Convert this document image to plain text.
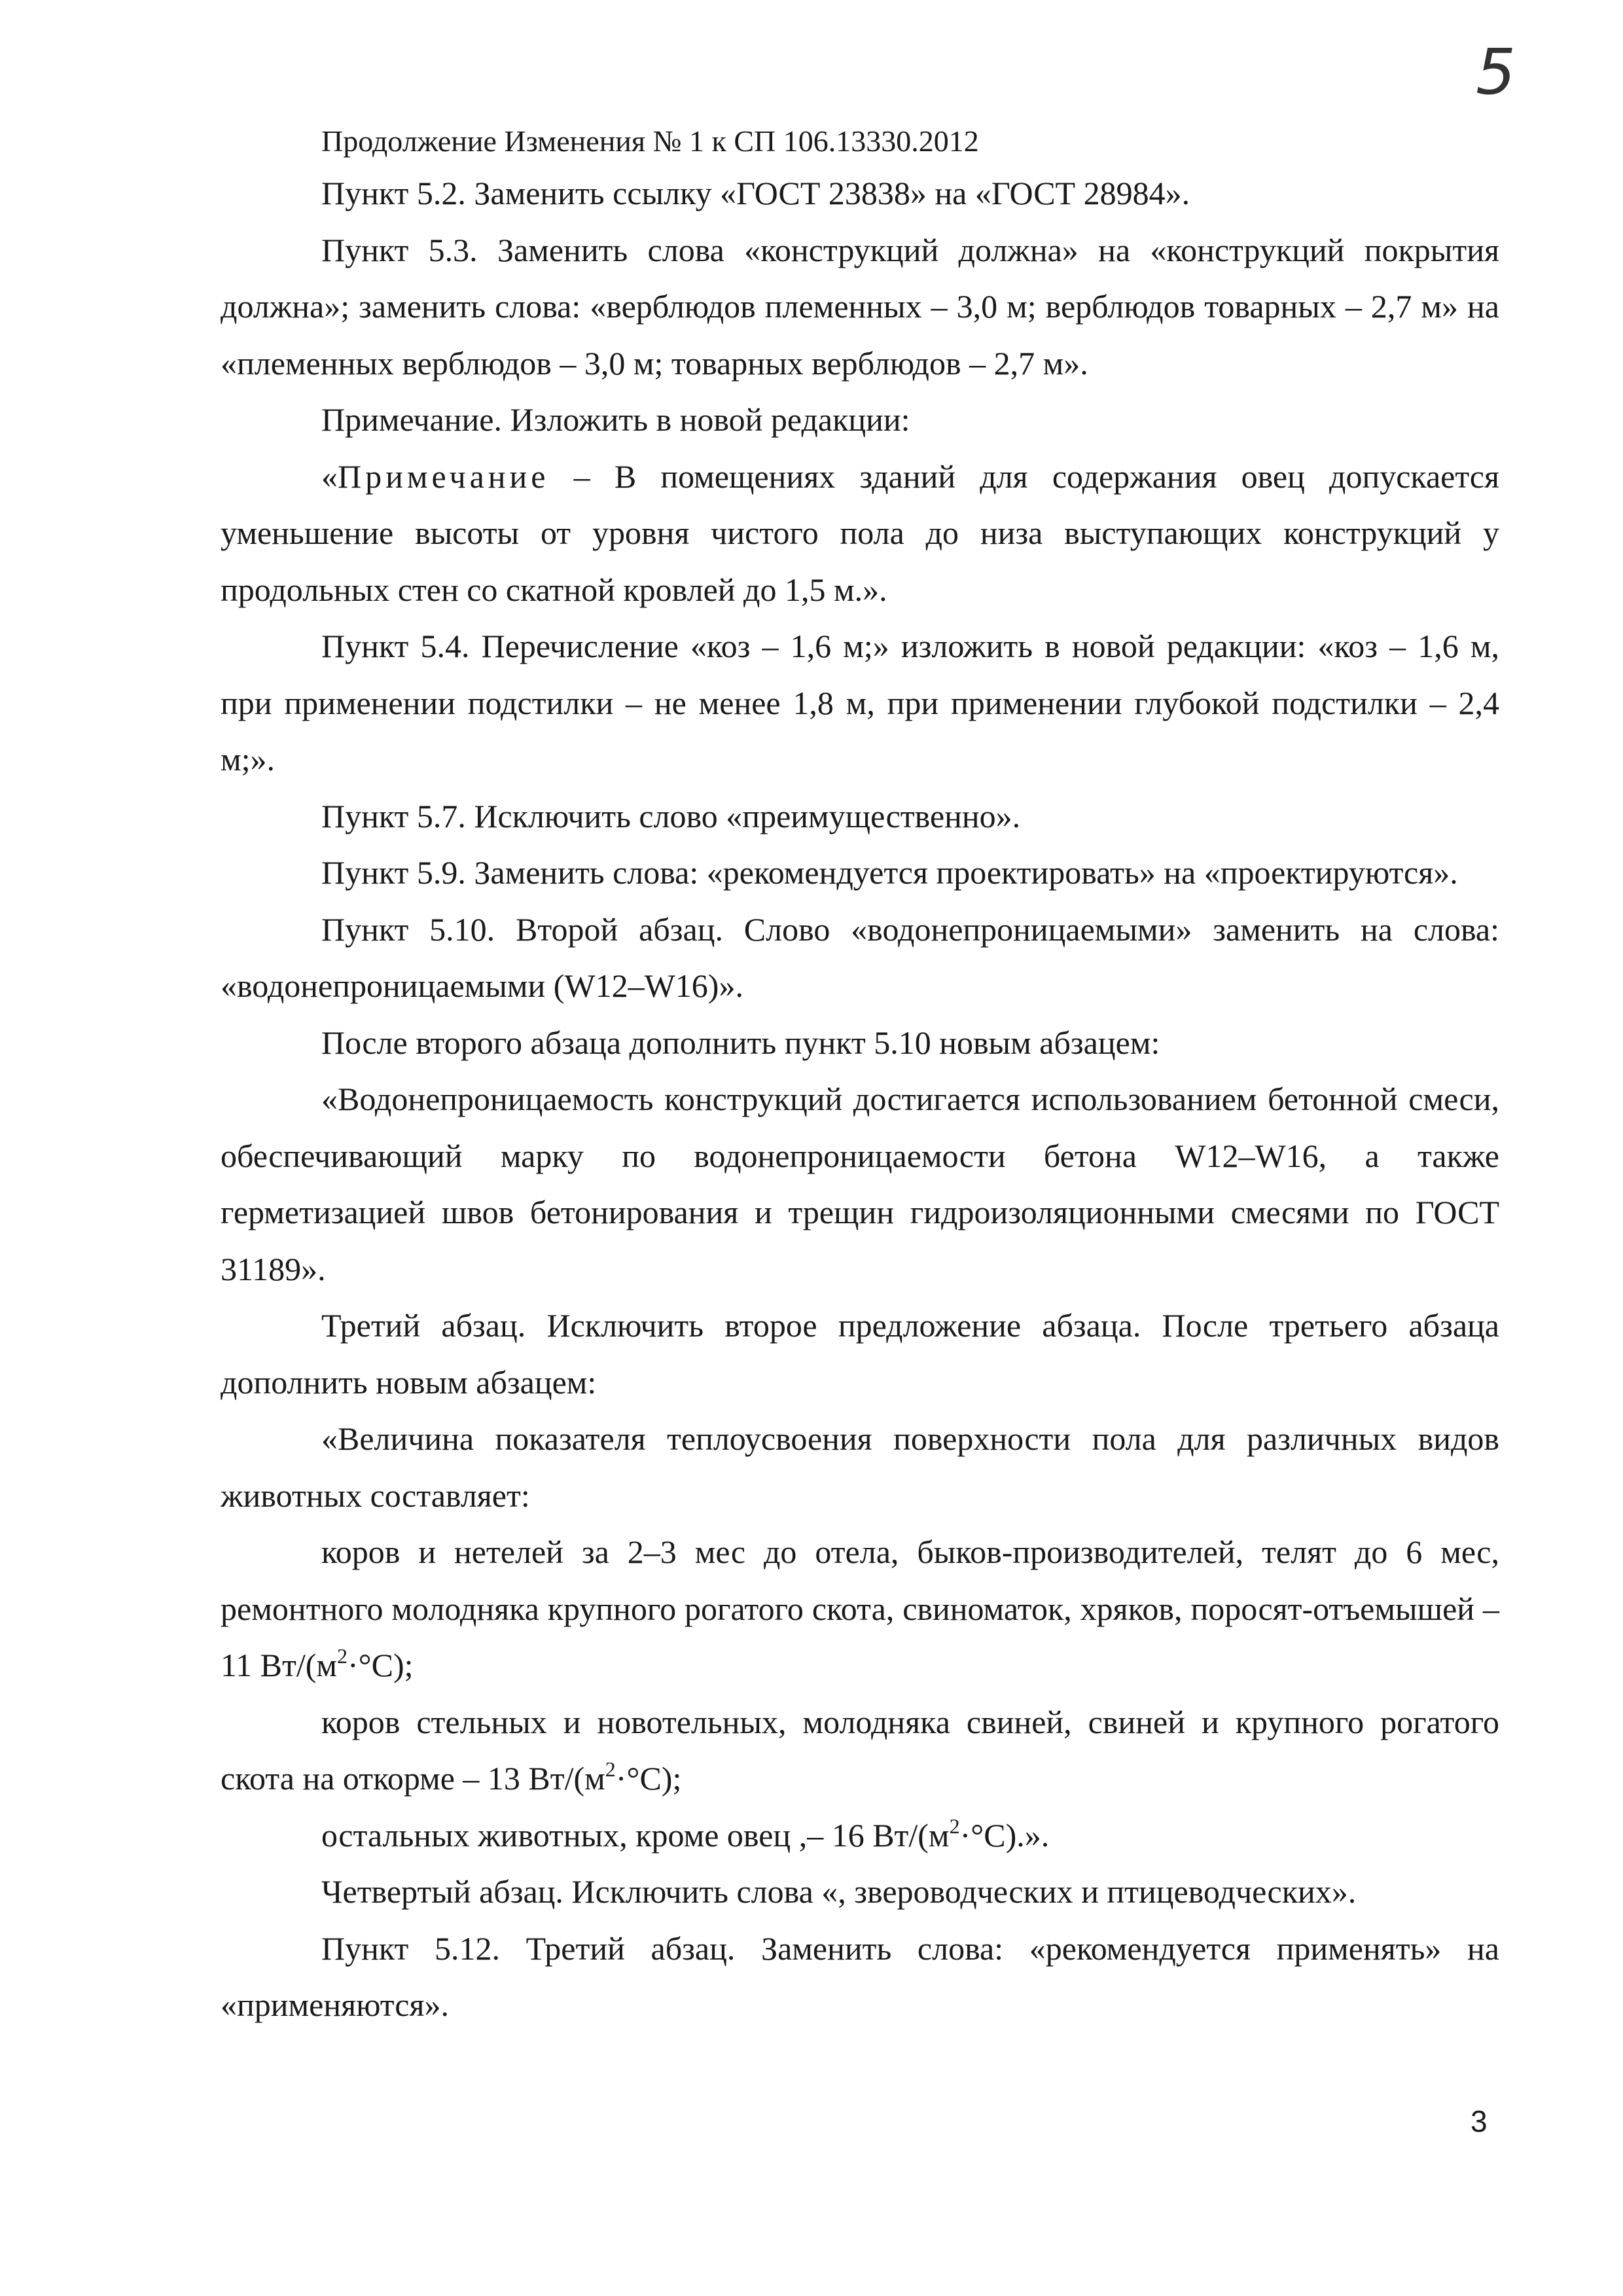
5
Продолжение Изменения № 1 к СП 106.13330.2012

Пункт 5.2. Заменить ссылку «ГОСТ 23838» на «ГОСТ 28984».

Пункт 5.3. Заменить слова «конструкций должна» на «конструкций покрытия должна»; заменить слова: «верблюдов племенных – 3,0 м; верблюдов товарных – 2,7 м» на «племенных верблюдов – 3,0 м; товарных верблюдов – 2,7 м».

Примечание. Изложить в новой редакции:

«Примечание – В помещениях зданий для содержания овец допускается уменьшение высоты от уровня чистого пола до низа выступающих конструкций у продольных стен со скатной кровлей до 1,5 м.».

Пункт 5.4. Перечисление «коз – 1,6 м;» изложить в новой редакции: «коз – 1,6 м, при применении подстилки – не менее 1,8 м, при применении глубокой подстилки – 2,4 м;».

Пункт 5.7. Исключить слово «преимущественно».

Пункт 5.9. Заменить слова: «рекомендуется проектировать» на «проектируются».

Пункт 5.10. Второй абзац. Слово «водонепроницаемыми» заменить на слова: «водонепроницаемыми (W12–W16)».

После второго абзаца дополнить пункт 5.10 новым абзацем:

«Водонепроницаемость конструкций достигается использованием бетонной смеси, обеспечивающий марку по водонепроницаемости бетона W12–W16, а также герметизацией швов бетонирования и трещин гидроизоляционными смесями по ГОСТ 31189».

Третий абзац. Исключить второе предложение абзаца. После третьего абзаца дополнить новым абзацем:

«Величина показателя теплоусвоения поверхности пола для различных видов животных составляет:

коров и нетелей за 2–3 мес до отела, быков-производителей, телят до 6 мес, ремонтного молодняка крупного рогатого скота, свиноматок, хряков, поросят-отъемышей – 11 $Вт/(м^2\cdot^\circ С)$;

коров стельных и новотельных, молодняка свиней, свиней и крупного рогатого скота на откорме – 13 $Вт/(м^2\cdot^\circ С)$;

остальных животных, кроме овец ,– 16 $Вт/(м^2\cdot^\circ С)$.».

Четвертый абзац. Исключить слова «, звероводческих и птицеводческих».

Пункт 5.12. Третий абзац. Заменить слова: «рекомендуется применять» на «применяются».

3
